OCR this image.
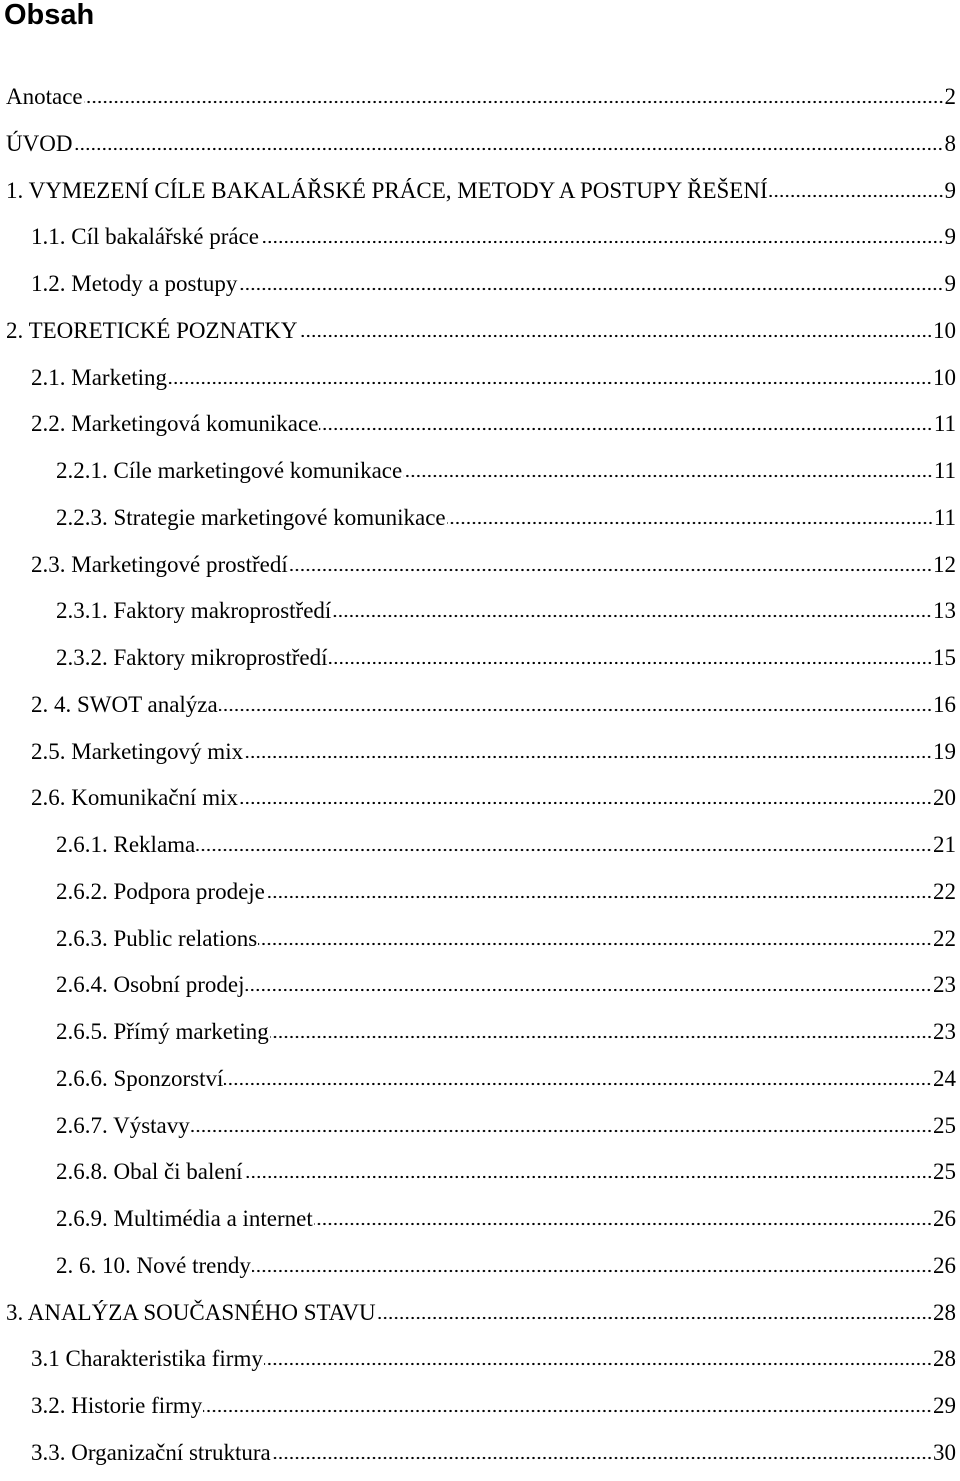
Obsah
Anotace	2
ÚVOD	8
1. VYMEZENÍ CÍLE BAKALÁŘSKÉ PRÁCE, METODY A POSTUPY ŘEŠENÍ	9
1.1. Cíl bakalářské práce	9
1.2. Metody a postupy	9
2. TEORETICKÉ POZNATKY	10
2.1. Marketing	10
2.2. Marketingová komunikace	11
2.2.1. Cíle marketingové komunikace	11
2.2.3. Strategie marketingové komunikace	11
2.3. Marketingové prostředí	12
2.3.1. Faktory makroprostředí	13
2.3.2. Faktory mikroprostředí	15
2. 4. SWOT analýza	16
2.5. Marketingový mix	19
2.6. Komunikační mix	20
2.6.1. Reklama	21
2.6.2. Podpora prodeje	22
2.6.3. Public relations	22
2.6.4. Osobní prodej	23
2.6.5. Přímý marketing	23
2.6.6. Sponzorství	24
2.6.7. Výstavy	25
2.6.8. Obal či balení	25
2.6.9. Multimédia a internet	26
2. 6. 10. Nové trendy	26
3. ANALÝZA SOUČASNÉHO STAVU	28
3.1 Charakteristika firmy	28
3.2. Historie firmy	29
3.3. Organizační struktura	30
